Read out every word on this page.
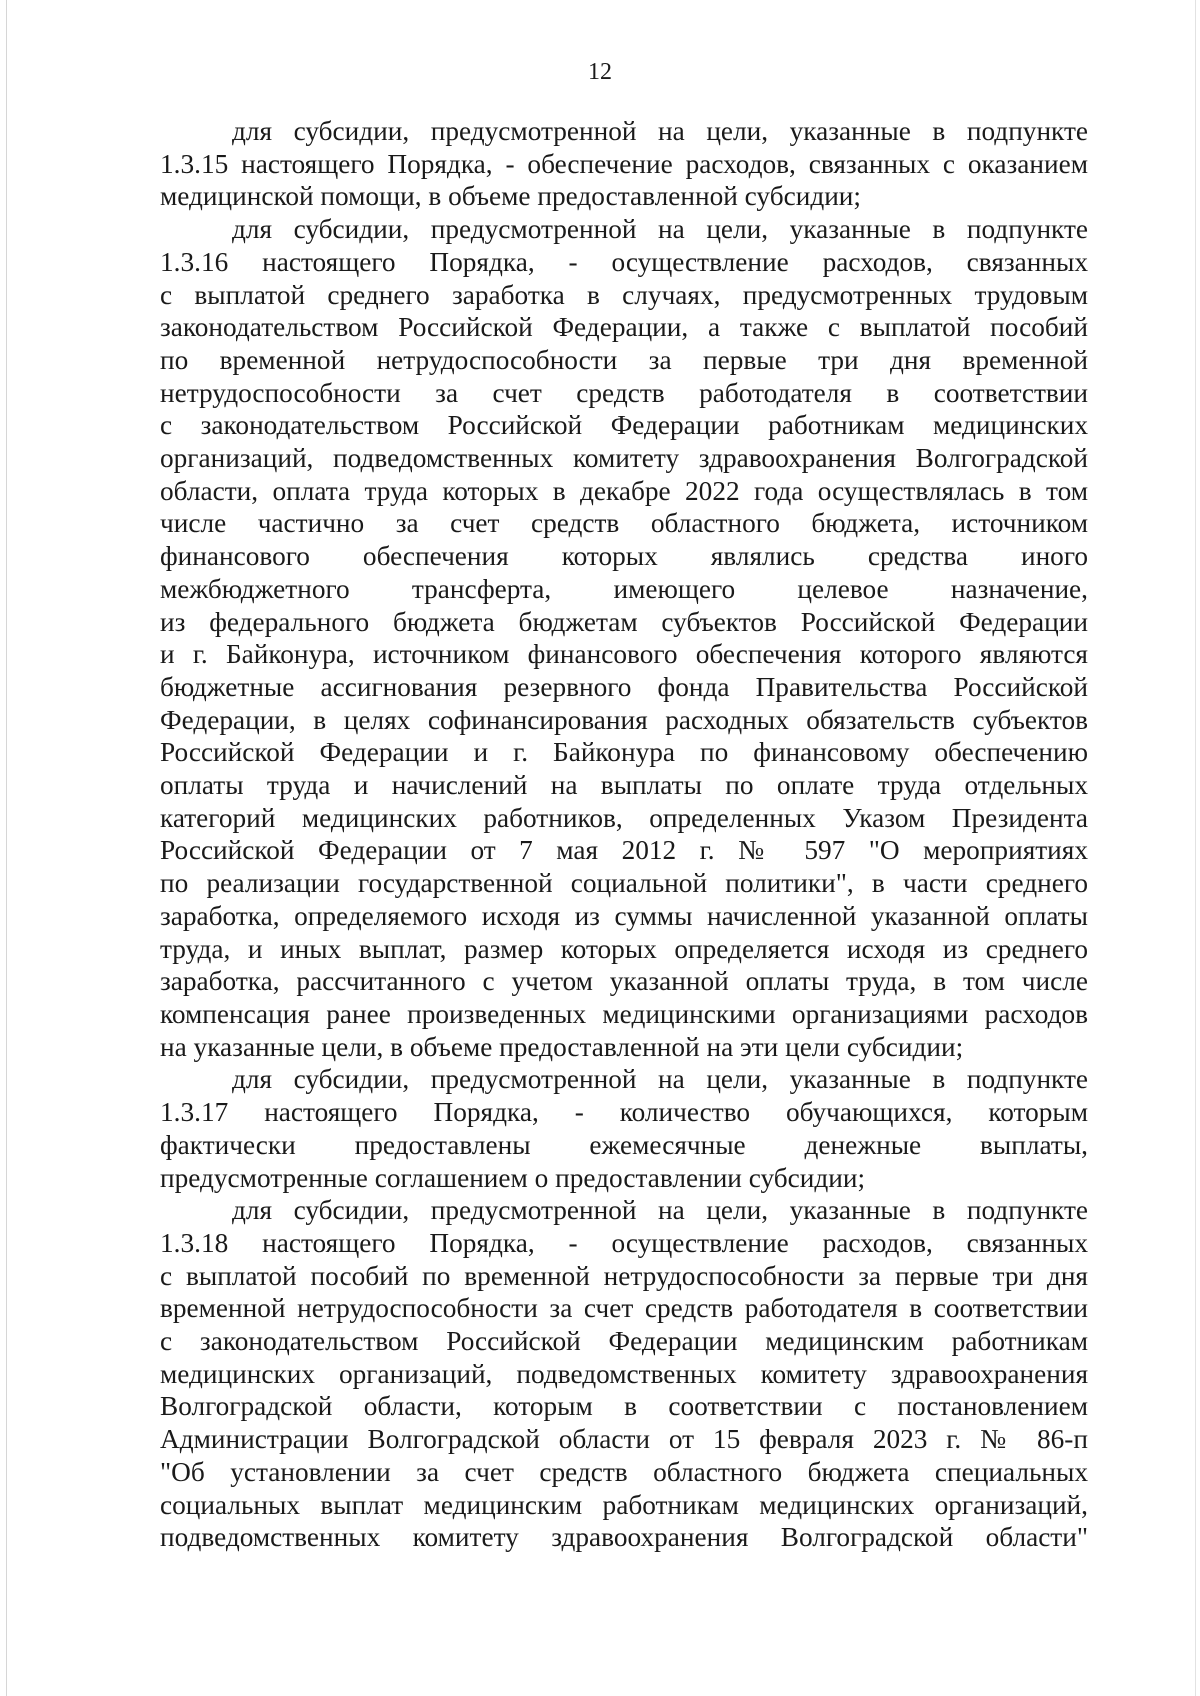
12
для субсидии, предусмотренной на цели, указанные в подпункте
1.3.15 настоящего Порядка, - обеспечение расходов, связанных с оказанием
медицинской помощи, в объеме предоставленной субсидии;
для субсидии, предусмотренной на цели, указанные в подпункте
1.3.16 настоящего Порядка, - осуществление расходов, связанных
с выплатой среднего заработка в случаях, предусмотренных трудовым
законодательством Российской Федерации, а также с выплатой пособий
по временной нетрудоспособности за первые три дня временной
нетрудоспособности за счет средств работодателя в соответствии
с законодательством Российской Федерации работникам медицинских
организаций, подведомственных комитету здравоохранения Волгоградской
области, оплата труда которых в декабре 2022 года осуществлялась в том
числе частично за счет средств областного бюджета, источником
финансового обеспечения которых являлись средства иного
межбюджетного трансферта, имеющего целевое назначение,
из федерального бюджета бюджетам субъектов Российской Федерации
и г. Байконура, источником финансового обеспечения которого являются
бюджетные ассигнования резервного фонда Правительства Российской
Федерации, в целях софинансирования расходных обязательств субъектов
Российской Федерации и г. Байконура по финансовому обеспечению
оплаты труда и начислений на выплаты по оплате труда отдельных
категорий медицинских работников, определенных Указом Президента
Российской Федерации от 7 мая 2012 г. № 597 "О мероприятиях
по реализации государственной социальной политики", в части среднего
заработка, определяемого исходя из суммы начисленной указанной оплаты
труда, и иных выплат, размер которых определяется исходя из среднего
заработка, рассчитанного с учетом указанной оплаты труда, в том числе
компенсация ранее произведенных медицинскими организациями расходов
на указанные цели, в объеме предоставленной на эти цели субсидии;
для субсидии, предусмотренной на цели, указанные в подпункте
1.3.17 настоящего Порядка, - количество обучающихся, которым
фактически предоставлены ежемесячные денежные выплаты,
предусмотренные соглашением о предоставлении субсидии;
для субсидии, предусмотренной на цели, указанные в подпункте
1.3.18 настоящего Порядка, - осуществление расходов, связанных
с выплатой пособий по временной нетрудоспособности за первые три дня
временной нетрудоспособности за счет средств работодателя в соответствии
с законодательством Российской Федерации медицинским работникам
медицинских организаций, подведомственных комитету здравоохранения
Волгоградской области, которым в соответствии с постановлением
Администрации Волгоградской области от 15 февраля 2023 г. № 86-п
"Об установлении за счет средств областного бюджета специальных
социальных выплат медицинским работникам медицинских организаций,
подведомственных комитету здравоохранения Волгоградской области"
